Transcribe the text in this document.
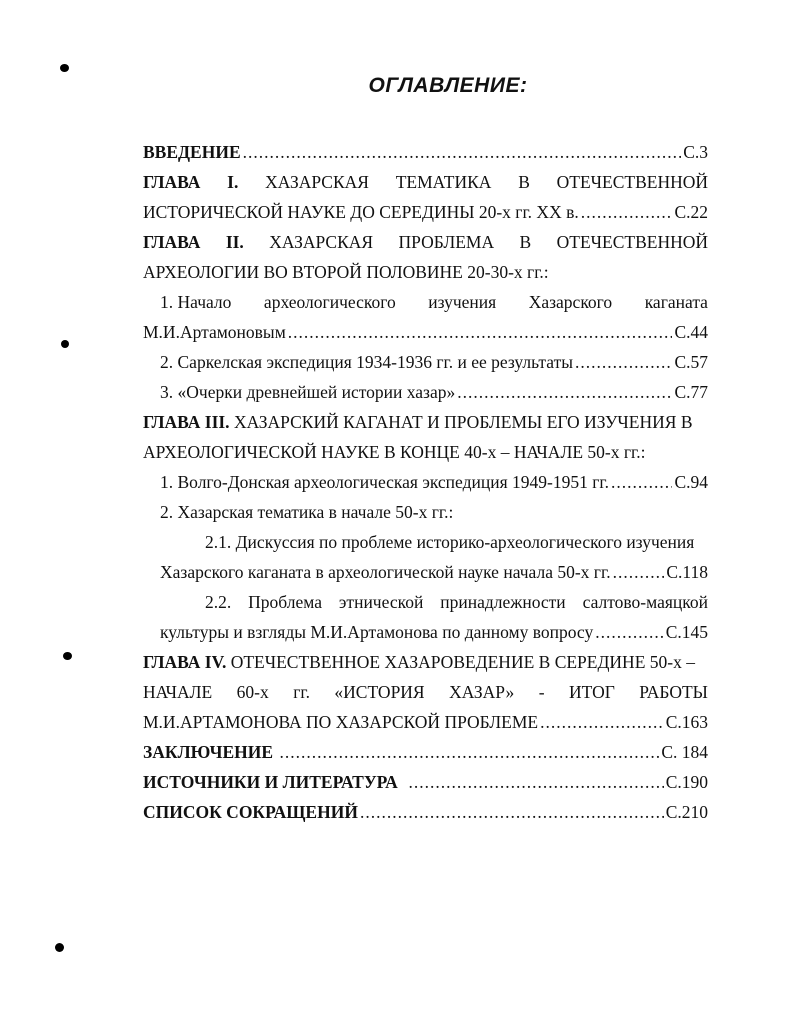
ОГЛАВЛЕНИЕ:
ВВЕДЕНИЕ .....	С.3
ГЛАВА I. ХАЗАРСКАЯ ТЕМАТИКА В ОТЕЧЕСТВЕННОЙ
ИСТОРИЧЕСКОЙ НАУКЕ ДО СЕРЕДИНЫ 20-х гг. XX в. .....	С.22
ГЛАВА II. ХАЗАРСКАЯ ПРОБЛЕМА В ОТЕЧЕСТВЕННОЙ
АРХЕОЛОГИИ ВО ВТОРОЙ ПОЛОВИНЕ 20-30-х гг.:
1. Начало археологического изучения Хазарского каганата
М.И.Артамоновым .....	С.44
2. Саркелская экспедиция 1934-1936 гг. и ее результаты .....	С.57
3. «Очерки древнейшей истории хазар» .....	С.77
ГЛАВА III. ХАЗАРСКИЙ КАГАНАТ И ПРОБЛЕМЫ ЕГО ИЗУЧЕНИЯ В
АРХЕОЛОГИЧЕСКОЙ НАУКЕ В КОНЦЕ 40-х – НАЧАЛЕ 50-х гг.:
1. Волго-Донская археологическая экспедиция 1949-1951 гг. .....	С.94
2. Хазарская тематика в начале 50-х гг.:
2.1. Дискуссия по проблеме историко-археологического изучения
Хазарского каганата в археологической науке начала 50-х гг. .....	С.118
2.2. Проблема этнической принадлежности салтово-маяцкой
культуры и взгляды М.И.Артамонова по данному вопросу .....	С.145
ГЛАВА IV. ОТЕЧЕСТВЕННОЕ ХАЗАРОВЕДЕНИЕ В СЕРЕДИНЕ 50-х –
НАЧАЛЕ 60-х гг. «ИСТОРИЯ ХАЗАР» - ИТОГ РАБОТЫ
М.И.АРТАМОНОВА ПО ХАЗАРСКОЙ ПРОБЛЕМЕ .....	С.163
ЗАКЛЮЧЕНИЕ .....	С. 184
ИСТОЧНИКИ И ЛИТЕРАТУРА .....	С.190
СПИСОК СОКРАЩЕНИЙ .....	С.210
